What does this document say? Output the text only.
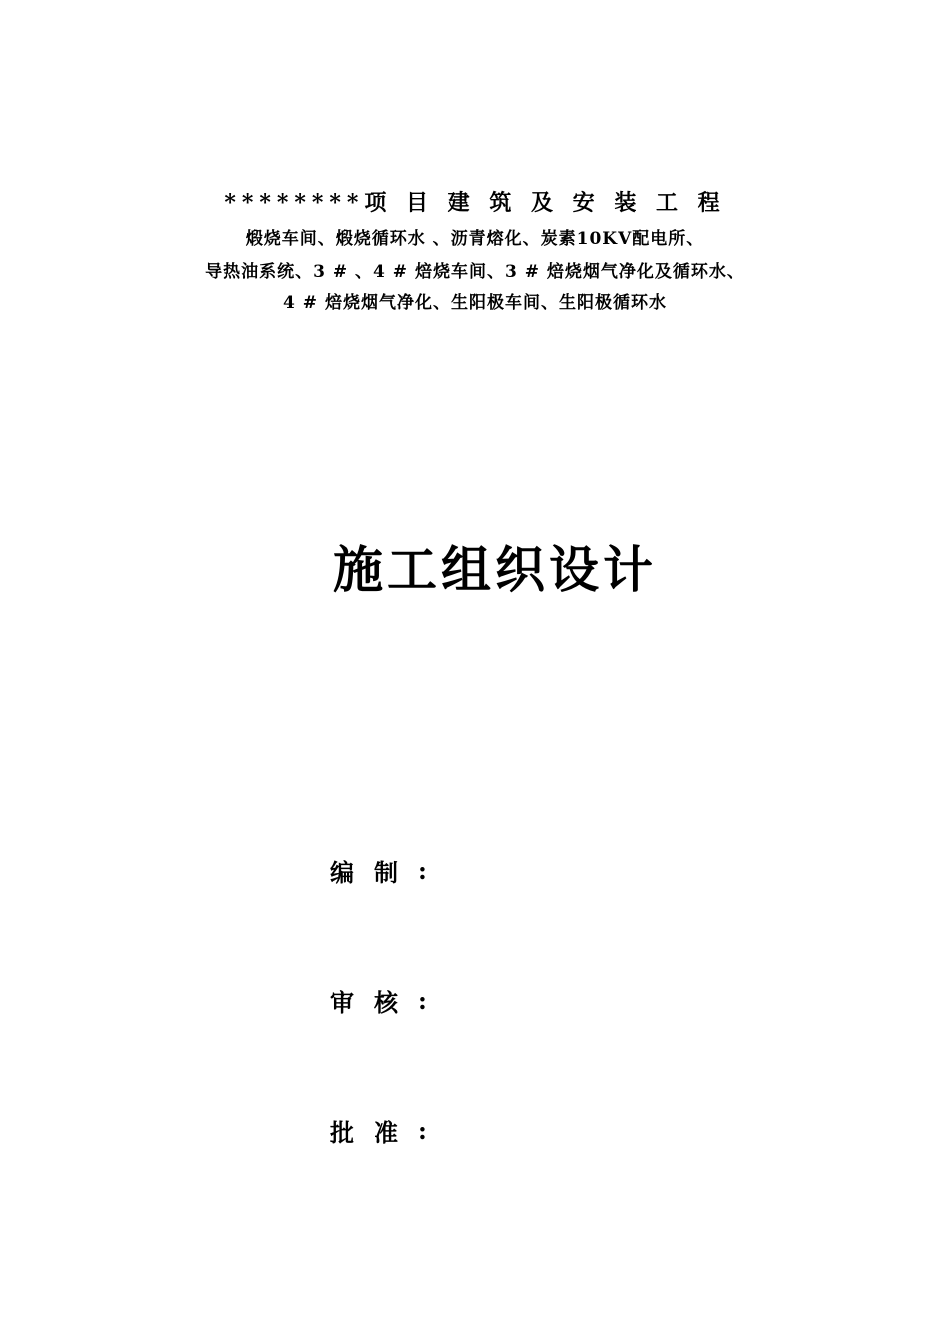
********项 目 建 筑 及 安 装 工 程
煅烧车间、煅烧循环水 、沥青熔化、炭素10KV配电所、
导热油系统、3 # 、4 # 焙烧车间、3 # 焙烧烟气净化及循环水、
4 # 焙烧烟气净化、生阳极车间、生阳极循环水
施工组织设计
编制 :
审核 :
批准 :
